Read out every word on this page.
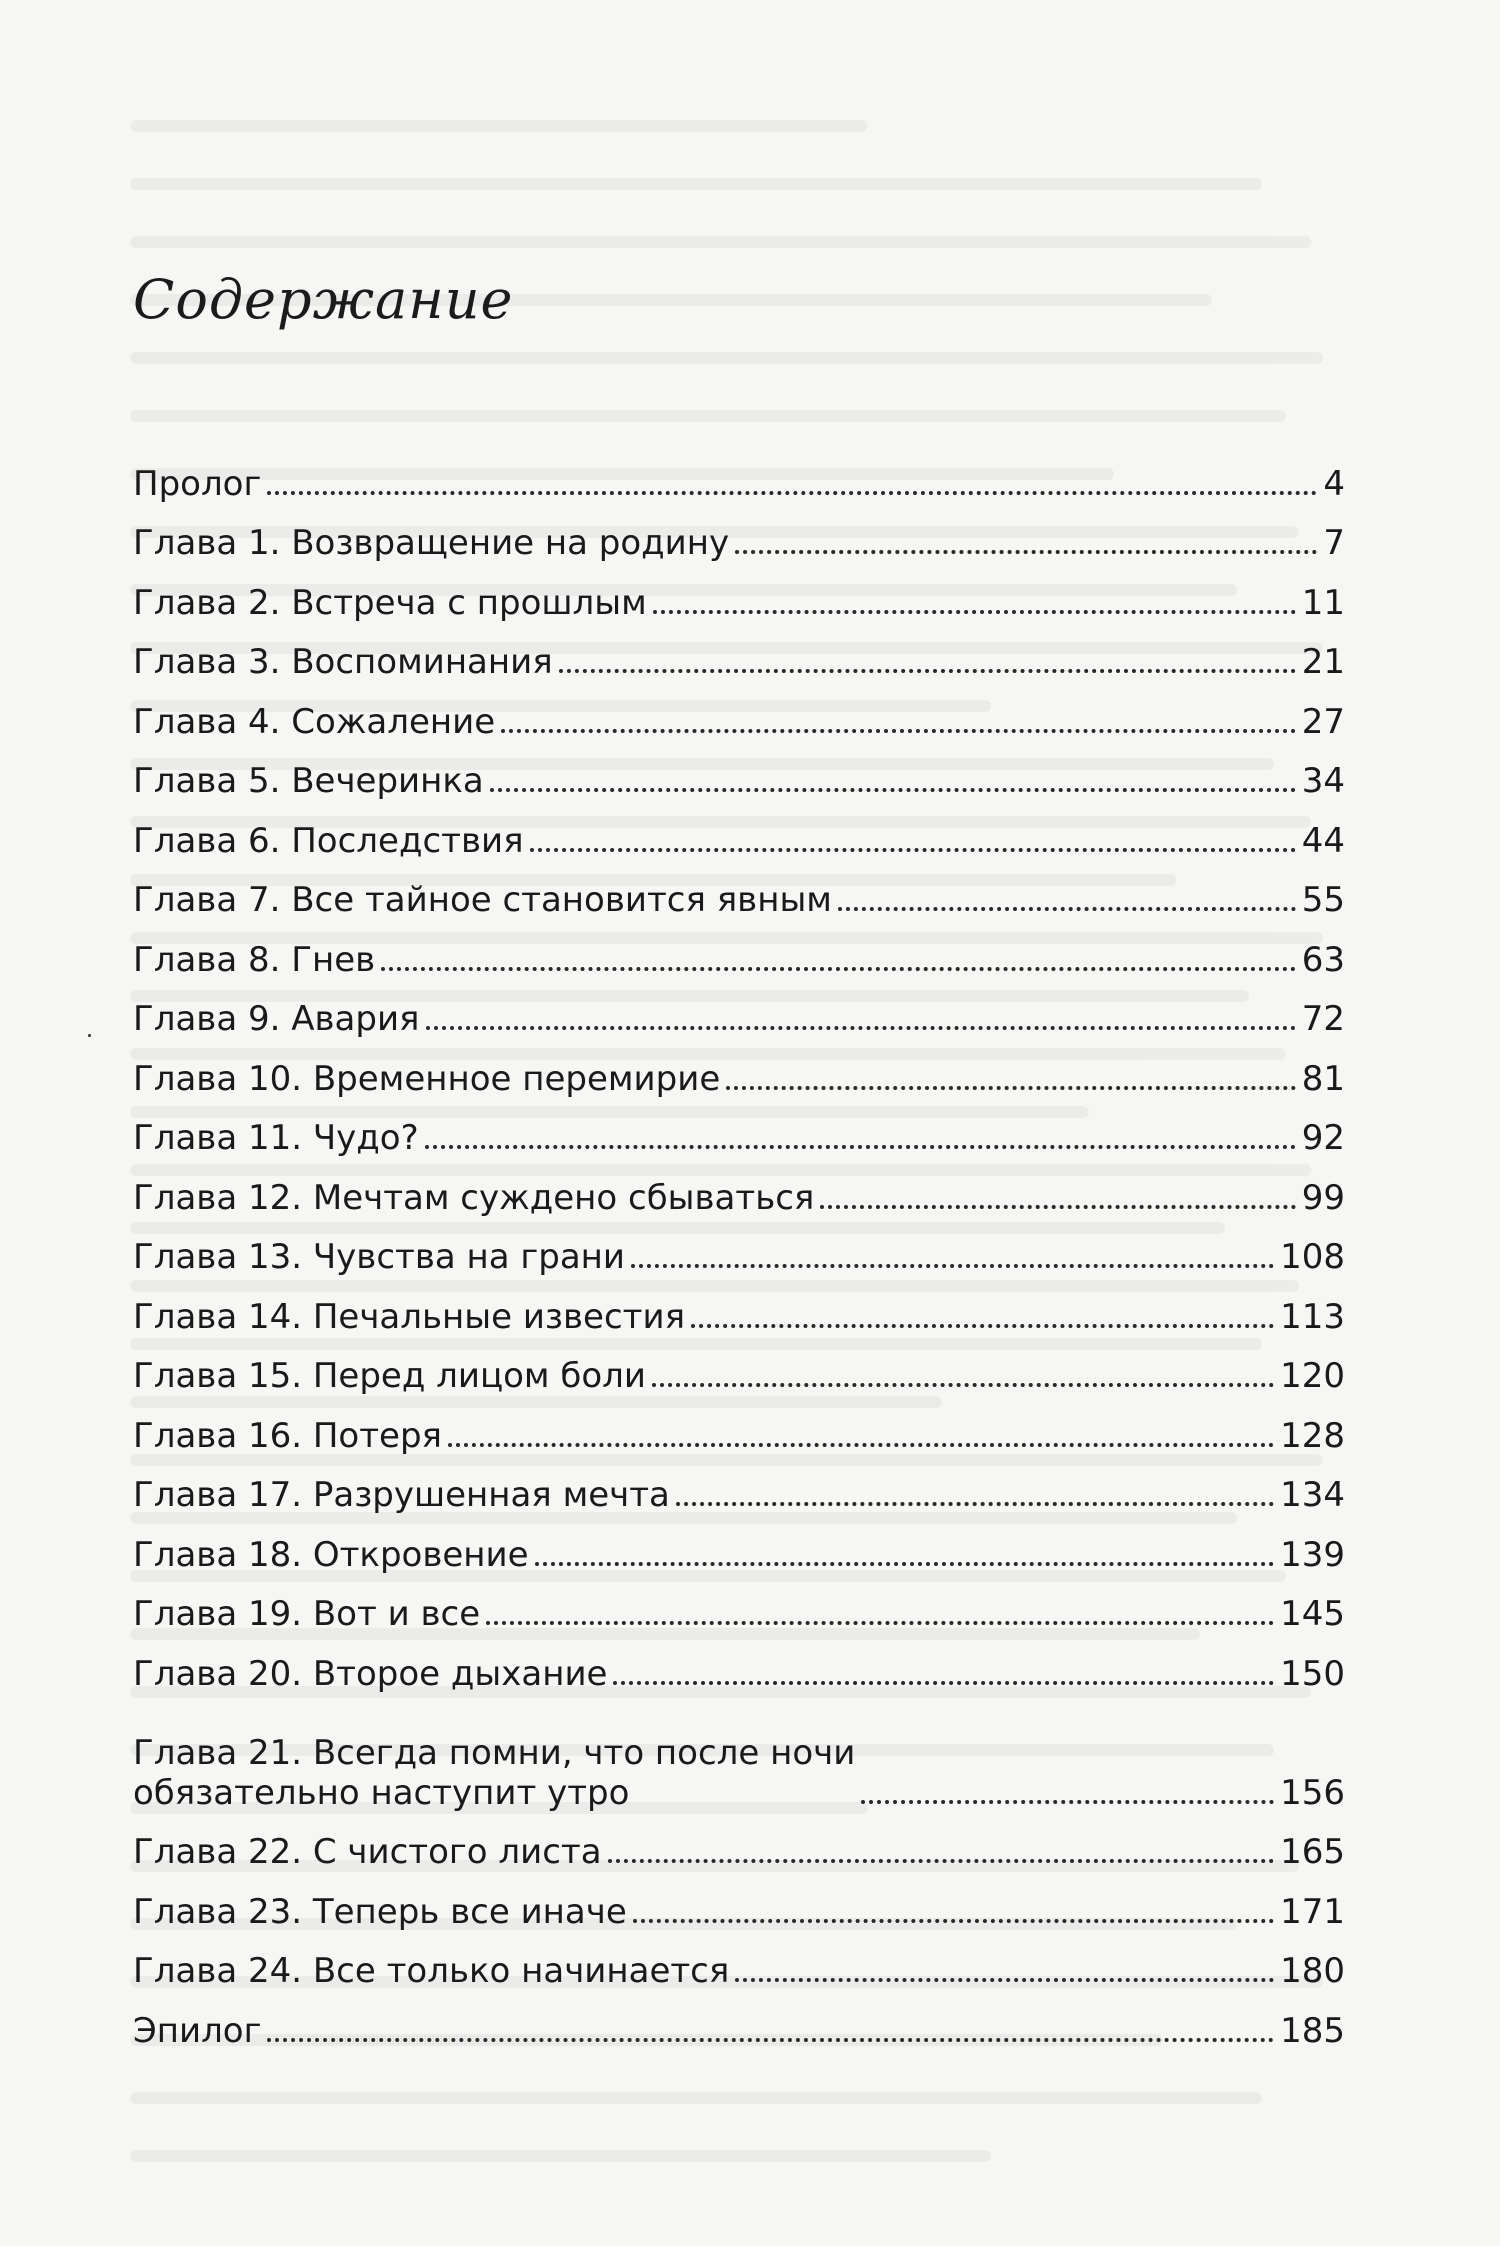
Содержание
Пролог	4
Глава 1. Возвращение на родину	7
Глава 2. Встреча с прошлым	11
Глава 3. Воспоминания	21
Глава 4. Сожаление	27
Глава 5. Вечеринка	34
Глава 6. Последствия	44
Глава 7. Все тайное становится явным	55
Глава 8. Гнев	63
Глава 9. Авария	72
Глава 10. Временное перемирие	81
Глава 11. Чудо?	92
Глава 12. Мечтам суждено сбываться	99
Глава 13. Чувства на грани	108
Глава 14. Печальные известия	113
Глава 15. Перед лицом боли	120
Глава 16. Потеря	128
Глава 17. Разрушенная мечта	134
Глава 18. Откровение	139
Глава 19. Вот и все	145
Глава 20. Второе дыхание	150
Глава 21. Всегда помни, что после ночи
обязательно наступит утро	156
Глава 22. С чистого листа	165
Глава 23. Теперь все иначе	171
Глава 24. Все только начинается	180
Эпилог	185
